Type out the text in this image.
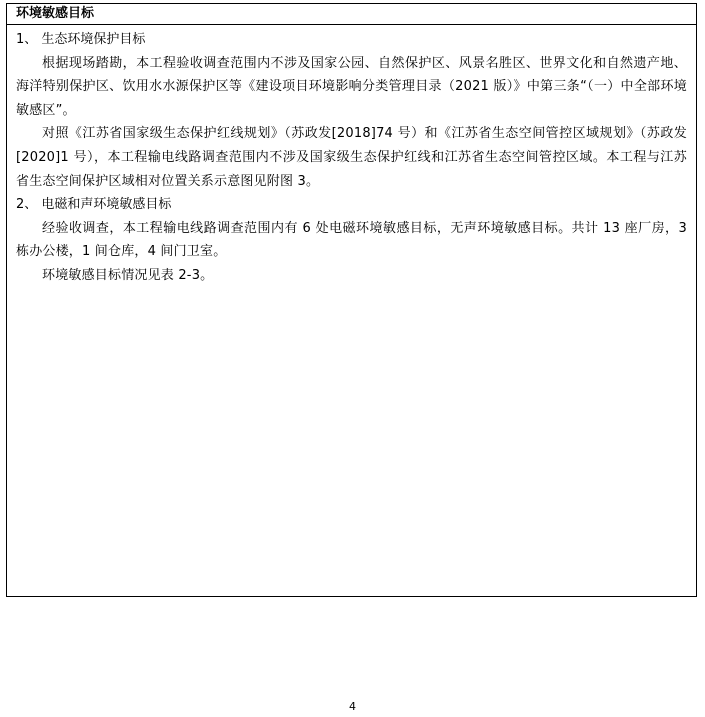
环境敏感目标
1、 生态环境保护目标
根据现场踏勘，本工程验收调查范围内不涉及国家公园、自然保护区、风景名胜区、世界文化和自然遗产地、海洋特别保护区、饮用水水源保护区等《建设项目环境影响分类管理目录（2021 版）》中第三条“（一）中全部环境敏感区”。
对照《江苏省国家级生态保护红线规划》（苏政发[2018]74 号）和《江苏省生态空间管控区域规划》（苏政发[2020]1 号），本工程输电线路调查范围内不涉及国家级生态保护红线和江苏省生态空间管控区域。本工程与江苏省生态空间保护区域相对位置关系示意图见附图 3。
2、 电磁和声环境敏感目标
经验收调查，本工程输电线路调查范围内有 6 处电磁环境敏感目标，无声环境敏感目标。共计 13 座厂房，3 栋办公楼，1 间仓库，4 间门卫室。
环境敏感目标情况见表 2-3。
4
